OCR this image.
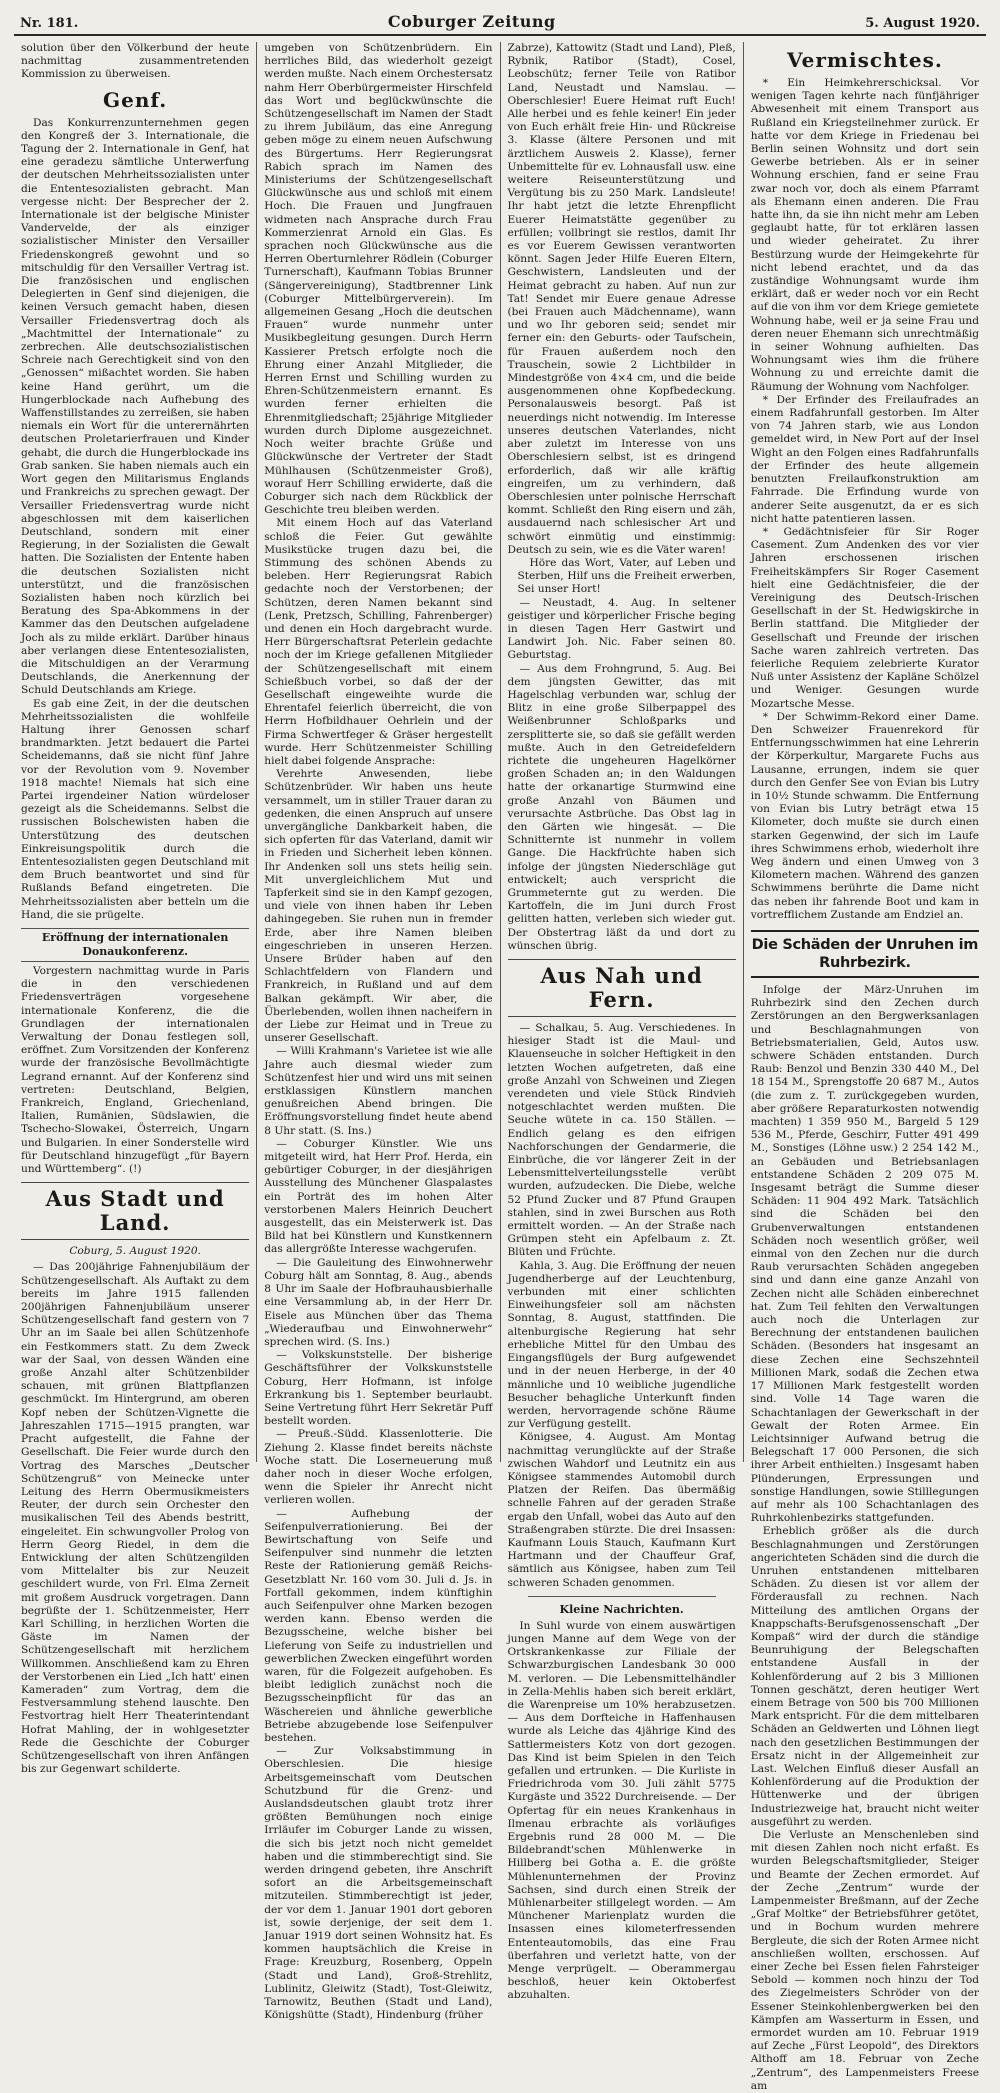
Nr. 181.	Coburger Zeitung	5. August 1920.

solution über den Völkerbund der heute nachmittag zusammentretenden Kommission zu überweisen.

Genf.

Das Konkurrenzunternehmen gegen den Kongreß der 3. Internationale, die Tagung der 2. Internationale in Genf, hat eine geradezu sämtliche Unterwerfung der deutschen Mehrheitssozialisten unter die Ententesozialisten gebracht. Man vergesse nicht: Der Besprecher der 2. Internationale ist der belgische Minister Vandervelde, der als einziger sozialistischer Minister den Versailler Friedenskongreß gewohnt und so mitschuldig für den Versailler Vertrag ist. Die französischen und englischen Delegierten in Genf sind diejenigen, die keinen Versuch gemacht haben, diesen Versailler Friedensvertrag doch als „Machtmittel der Internationale“ zu zerbrechen. Alle deutschsozialistischen Schreie nach Gerechtigkeit sind von den „Genossen“ mißachtet worden. Sie haben keine Hand gerührt, um die Hungerblockade nach Aufhebung des Waffenstillstandes zu zerreißen, sie haben niemals ein Wort für die unterernährten deutschen Proletarierfrauen und Kinder gehabt, die durch die Hungerblockade ins Grab sanken. Sie haben niemals auch ein Wort gegen den Militarismus Englands und Frankreichs zu sprechen gewagt. Der Versailler Friedensvertrag wurde nicht abgeschlossen mit dem kaiserlichen Deutschland, sondern mit einer Regierung, in der Sozialisten die Gewalt hatten. Die Sozialisten der Entente haben die deutschen Sozialisten nicht unterstützt, und die französischen Sozialisten haben noch kürzlich bei Beratung des Spa-Abkommens in der Kammer das den Deutschen aufgeladene Joch als zu milde erklärt. Darüber hinaus aber verlangen diese Ententesozialisten, die Mitschuldigen an der Verarmung Deutschlands, die Anerkennung der Schuld Deutschlands am Kriege.

Es gab eine Zeit, in der die deutschen Mehrheitssozialisten die wohlfeile Haltung ihrer Genossen scharf brandmarkten. Jetzt bedauert die Partei Scheidemanns, daß sie nicht fünf Jahre vor der Revolution vom 9. November 1918 machte! Niemals hat sich eine Partei irgendeiner Nation würdeloser gezeigt als die Scheidemanns. Selbst die russischen Bolschewisten haben die Unterstützung des deutschen Einkreisungspolitik durch die Ententesozialisten gegen Deutschland mit dem Bruch beantwortet und sind für Rußlands Befand eingetreten. Die Mehrheitssozialisten aber betteln um die Hand, die sie prügelte.

Eröffnung der internationalen Donaukonferenz.

Vorgestern nachmittag wurde in Paris die in den verschiedenen Friedensverträgen vorgesehene internationale Konferenz, die die Grundlagen der internationalen Verwaltung der Donau festlegen soll, eröffnet. Zum Vorsitzenden der Konferenz wurde der französische Bevollmächtigte Legrand ernannt. Auf der Konferenz sind vertreten: Deutschland, Belgien, Frankreich, England, Griechenland, Italien, Rumänien, Südslawien, die Tschecho-Slowakei, Österreich, Ungarn und Bulgarien. In einer Sonderstelle wird für Deutschland hinzugefügt „für Bayern und Württemberg“. (!)

Aus Stadt und Land.
Coburg, 5. August 1920.

— Das 200jährige Fahnenjubiläum der Schützengesellschaft. Als Auftakt zu dem bereits im Jahre 1915 fallenden 200jährigen Fahnenjubiläum unserer Schützengesellschaft fand gestern von 7 Uhr an im Saale bei allen Schützenhofe ein Festkommers statt. Zu dem Zweck war der Saal, von dessen Wänden eine große Anzahl alter Schützenbilder schauen, mit grünen Blattpflanzen geschmückt. Im Hintergrund, am oberen Kopf neben der Schützen-Vignette die Jahreszahlen 1715—1915 prangten, war Pracht aufgestellt, die Fahne der Gesellschaft. Die Feier wurde durch den Vortrag des Marsches „Deutscher Schützengruß“ von Meinecke unter Leitung des Herrn Obermusikmeisters Reuter, der durch sein Orchester den musikalischen Teil des Abends bestritt, eingeleitet. Ein schwungvoller Prolog von Herrn Georg Riedel, in dem die Entwicklung der alten Schützengilden vom Mittelalter bis zur Neuzeit geschildert wurde, von Frl. Elma Zerneit mit großem Ausdruck vorgetragen. Dann begrüßte der 1. Schützenmeister, Herr Karl Schilling, in herzlichen Worten die Gäste im Namen der Schützengesellschaft mit herzlichem Willkommen. Anschließend kam zu Ehren der Verstorbenen ein Lied „Ich hatt' einen Kameraden“ zum Vortrag, dem die Festversammlung stehend lauschte. Den Festvortrag hielt Herr Theaterintendant Hofrat Mahling, der in wohlgesetzter Rede die Geschichte der Coburger Schützengesellschaft von ihren Anfängen bis zur Gegenwart schilderte.

umgeben von Schützenbrüdern. Ein herrliches Bild, das wiederholt gezeigt werden mußte. Nach einem Orchestersatz nahm Herr Oberbürgermeister Hirschfeld das Wort und beglückwünschte die Schützengesellschaft im Namen der Stadt zu ihrem Jubiläum, das eine Anregung geben möge zu einem neuen Aufschwung des Bürgertums. Herr Regierungsrat Rabich sprach im Namen des Ministeriums der Schützengesellschaft Glückwünsche aus und schloß mit einem Hoch. Die Frauen und Jungfrauen widmeten nach Ansprache durch Frau Kommerzienrat Arnold ein Glas. Es sprachen noch Glückwünsche aus die Herren Oberturnlehrer Rödlein (Coburger Turnerschaft), Kaufmann Tobias Brunner (Sängervereinigung), Stadtbrenner Link (Coburger Mittelbürgerverein). Im allgemeinen Gesang „Hoch die deutschen Frauen“ wurde nunmehr unter Musikbegleitung gesungen. Durch Herrn Kassierer Pretsch erfolgte noch die Ehrung einer Anzahl Mitglieder, die Herren Ernst und Schilling wurden zu Ehren-Schützenmeistern ernannt. Es wurden ferner erhielten die Ehrenmitgliedschaft; 25jährige Mitglieder wurden durch Diplome ausgezeichnet. Noch weiter brachte Grüße und Glückwünsche der Vertreter der Stadt Mühlhausen (Schützenmeister Groß), worauf Herr Schilling erwiderte, daß die Coburger sich nach dem Rückblick der Geschichte treu bleiben werden.

Mit einem Hoch auf das Vaterland schloß die Feier. Gut gewählte Musikstücke trugen dazu bei, die Stimmung des schönen Abends zu beleben. Herr Regierungsrat Rabich gedachte noch der Verstorbenen; der Schützen, deren Namen bekannt sind (Lenk, Pretzsch, Schilling, Fahrenberger) und denen ein Hoch dargebracht wurde. Herr Bürgerschaftsrat Peterlein gedachte noch der im Kriege gefallenen Mitglieder der Schützengesellschaft mit einem Schießbuch vorbei, so daß der der Gesellschaft eingeweihte wurde die Ehrentafel feierlich überreicht, die von Herrn Hofbildhauer Oehrlein und der Firma Schwertfeger & Gräser hergestellt wurde. Herr Schützenmeister Schilling hielt dabei folgende Ansprache:

Verehrte Anwesenden, liebe Schützenbrüder. Wir haben uns heute versammelt, um in stiller Trauer daran zu gedenken, die einen Anspruch auf unsere unvergängliche Dankbarkeit haben, die sich opferten für das Vaterland, damit wir in Frieden und Sicherheit leben können. Ihr Andenken soll uns stets heilig sein. Mit unvergleichlichem Mut und Tapferkeit sind sie in den Kampf gezogen, und viele von ihnen haben ihr Leben dahingegeben. Sie ruhen nun in fremder Erde, aber ihre Namen bleiben eingeschrieben in unseren Herzen. Unsere Brüder haben auf den Schlachtfeldern von Flandern und Frankreich, in Rußland und auf dem Balkan gekämpft. Wir aber, die Überlebenden, wollen ihnen nacheifern in der Liebe zur Heimat und in Treue zu unserer Gesellschaft.

— Willi Krahmann's Varietee ist wie alle Jahre auch diesmal wieder zum Schützenfest hier und wird uns mit seinen erstklassigen Künstlern manchen genußreichen Abend bringen. Die Eröffnungsvorstellung findet heute abend 8 Uhr statt. (S. Ins.)

— Coburger Künstler. Wie uns mitgeteilt wird, hat Herr Prof. Herda, ein gebürtiger Coburger, in der diesjährigen Ausstellung des Münchener Glaspalastes ein Porträt des im hohen Alter verstorbenen Malers Heinrich Deuchert ausgestellt, das ein Meisterwerk ist. Das Bild hat bei Künstlern und Kunstkennern das allergrößte Interesse wachgerufen.

— Die Gauleitung des Einwohnerwehr Coburg hält am Sonntag, 8. Aug., abends 8 Uhr im Saale der Hofbrauhausbierhalle eine Versammlung ab, in der Herr Dr. Eisele aus München über das Thema „Wiederaufbau und Einwohnerwehr“ sprechen wird. (S. Ins.)

— Volkskunststelle. Der bisherige Geschäftsführer der Volkskunststelle Coburg, Herr Hofmann, ist infolge Erkrankung bis 1. September beurlaubt. Seine Vertretung führt Herr Sekretär Puff bestellt worden.

— Preuß.-Südd. Klassenlotterie. Die Ziehung 2. Klasse findet bereits nächste Woche statt. Die Loserneuerung muß daher noch in dieser Woche erfolgen, wenn die Spieler ihr Anrecht nicht verlieren wollen.

— Aufhebung der Seifenpulverrationierung. Bei der Bewirtschaftung von Seife und Seifenpulver sind nunmehr die letzten Reste der Rationierung gemäß Reichs-Gesetzblatt Nr. 160 vom 30. Juli d. Js. in Fortfall gekommen, indem künftighin auch Seifenpulver ohne Marken bezogen werden kann. Ebenso werden die Bezugsscheine, welche bisher bei Lieferung von Seife zu industriellen und gewerblichen Zwecken eingeführt worden waren, für die Folgezeit aufgehoben. Es bleibt lediglich zunächst noch die Bezugsscheinpflicht für das an Wäschereien und ähnliche gewerbliche Betriebe abzugebende lose Seifenpulver bestehen.

— Zur Volksabstimmung in Oberschlesien. Die hiesige Arbeitsgemeinschaft vom Deutschen Schutzbund für die Grenz- und Auslandsdeutschen glaubt trotz ihrer größten Bemühungen noch einige Irrläufer im Coburger Lande zu wissen, die sich bis jetzt noch nicht gemeldet haben und die stimmberechtigt sind. Sie werden dringend gebeten, ihre Anschrift sofort an die Arbeitsgemeinschaft mitzuteilen. Stimmberechtigt ist jeder, der vor dem 1. Januar 1901 dort geboren ist, sowie derjenige, der seit dem 1. Januar 1919 dort seinen Wohnsitz hat. Es kommen hauptsächlich die Kreise in Frage: Kreuzburg, Rosenberg, Oppeln (Stadt und Land), Groß-Strehlitz, Lublinitz, Gleiwitz (Stadt), Tost-Gleiwitz, Tarnowitz, Beuthen (Stadt und Land), Königshütte (Stadt), Hindenburg (früher

Zabrze), Kattowitz (Stadt und Land), Pleß, Rybnik, Ratibor (Stadt), Cosel, Leobschütz; ferner Teile von Ratibor Land, Neustadt und Namslau. — Oberschlesier! Euere Heimat ruft Euch! Alle herbei und es fehle keiner! Ein jeder von Euch erhält freie Hin- und Rückreise 3. Klasse (ältere Personen und mit ärztlichem Ausweis 2. Klasse), ferner Unbemittelte für ev. Lohnausfall usw. eine weitere Reiseunterstützung und Vergütung bis zu 250 Mark. Landsleute! Ihr habt jetzt die letzte Ehrenpflicht Euerer Heimatstätte gegenüber zu erfüllen; vollbringt sie restlos, damit Ihr es vor Euerem Gewissen verantworten könnt. Sagen Jeder Hilfe Eueren Eltern, Geschwistern, Landsleuten und der Heimat gebracht zu haben. Auf nun zur Tat! Sendet mir Euere genaue Adresse (bei Frauen auch Mädchenname), wann und wo Ihr geboren seid; sendet mir ferner ein: den Geburts- oder Taufschein, für Frauen außerdem noch den Trauschein, sowie 2 Lichtbilder in Mindestgröße von 4×4 cm, und die beide ausgenommenen ohne Kopfbedeckung. Personalausweis besorgt. Paß ist neuerdings nicht notwendig. Im Interesse unseres deutschen Vaterlandes, nicht aber zuletzt im Interesse von uns Oberschlesiern selbst, ist es dringend erforderlich, daß wir alle kräftig eingreifen, um zu verhindern, daß Oberschlesien unter polnische Herrschaft kommt. Schließt den Ring eisern und zäh, ausdauernd nach schlesischer Art und schwört einmütig und einstimmig: Deutsch zu sein, wie es die Väter waren!

Höre das Wort, Vater, auf Leben und Sterben, Hilf uns die Freiheit erwerben, Sei unser Hort!

— Neustadt, 4. Aug. In seltener geistiger und körperlicher Frische beging in diesen Tagen Herr Gastwirt und Landwirt Joh. Nic. Faber seinen 80. Geburtstag.

— Aus dem Frohngrund, 5. Aug. Bei dem jüngsten Gewitter, das mit Hagelschlag verbunden war, schlug der Blitz in eine große Silberpappel des Weißenbrunner Schloßparks und zersplitterte sie, so daß sie gefällt werden mußte. Auch in den Getreidefeldern richtete die ungeheuren Hagelkörner großen Schaden an; in den Waldungen hatte der orkanartige Sturmwind eine große Anzahl von Bäumen und verursachte Astbrüche. Das Obst lag in den Gärten wie hingesät. — Die Schnitternte ist nunmehr in vollem Gange. Die Hackfrüchte haben sich infolge der jüngsten Niederschläge gut entwickelt; auch verspricht die Grummeternte gut zu werden. Die Kartoffeln, die im Juni durch Frost gelitten hatten, verleben sich wieder gut. Der Obstertrag läßt da und dort zu wünschen übrig.

Aus Nah und Fern.

— Schalkau, 5. Aug. Verschiedenes. In hiesiger Stadt ist die Maul- und Klauenseuche in solcher Heftigkeit in den letzten Wochen aufgetreten, daß eine große Anzahl von Schweinen und Ziegen verendeten und viele Stück Rindvieh notgeschlachtet werden mußten. Die Seuche wütete in ca. 150 Ställen. — Endlich gelang es den eifrigen Nachforschungen der Gendarmerie, die Einbrüche, die vor längerer Zeit in der Lebensmittelverteilungsstelle verübt wurden, aufzudecken. Die Diebe, welche 52 Pfund Zucker und 87 Pfund Graupen stahlen, sind in zwei Burschen aus Roth ermittelt worden. — An der Straße nach Grümpen steht ein Apfelbaum z. Zt. Blüten und Früchte.

Kahla, 3. Aug. Die Eröffnung der neuen Jugendherberge auf der Leuchtenburg, verbunden mit einer schlichten Einweihungsfeier soll am nächsten Sonntag, 8. August, stattfinden. Die altenburgische Regierung hat sehr erhebliche Mittel für den Umbau des Eingangsflügels der Burg aufgewendet und in der neuen Herberge, in der 40 männliche und 10 weibliche jugendliche Besucher behagliche Unterkunft finden werden, hervorragende schöne Räume zur Verfügung gestellt.

Königsee, 4. August. Am Montag nachmittag verunglückte auf der Straße zwischen Wahdorf und Leutnitz ein aus Königsee stammendes Automobil durch Platzen der Reifen. Das übermäßig schnelle Fahren auf der geraden Straße ergab den Unfall, wobei das Auto auf den Straßengraben stürzte. Die drei Insassen: Kaufmann Louis Stauch, Kaufmann Kurt Hartmann und der Chauffeur Graf, sämtlich aus Königsee, haben zum Teil schweren Schaden genommen.

Kleine Nachrichten.

In Suhl wurde von einem auswärtigen jungen Manne auf dem Wege von der Ortskrankenkasse zur Filiale der Schwarzburgischen Landesbank 30 000 M. verloren. — Die Lebensmittelhändler in Zella-Mehlis haben sich bereit erklärt, die Warenpreise um 10% herabzusetzen. — Aus dem Dorfteiche in Haffenhausen wurde als Leiche das 4jährige Kind des Sattlermeisters Kotz von dort gezogen. Das Kind ist beim Spielen in den Teich gefallen und ertrunken. — Die Kurliste in Friedrichroda vom 30. Juli zählt 5775 Kurgäste und 3522 Durchreisende. — Der Opfertag für ein neues Krankenhaus in Ilmenau erbrachte als vorläufiges Ergebnis rund 28 000 M. — Die Bildebrandt'schen Mühlenwerke in Hillberg bei Gotha a. E. die größte Mühlenunternehmen der Provinz Sachsen, sind durch einen Streik der Mühlenarbeiter stillgelegt worden. — Am Münchener Marienplatz wurden die Insassen eines kilometerfressenden Ententeautomobils, das eine Frau überfahren und verletzt hatte, von der Menge verprügelt. — Oberammergau beschloß, heuer kein Oktoberfest abzuhalten.

Vermischtes.

* Ein Heimkehrerschicksal. Vor wenigen Tagen kehrte nach fünfjähriger Abwesenheit mit einem Transport aus Rußland ein Kriegsteilnehmer zurück. Er hatte vor dem Kriege in Friedenau bei Berlin seinen Wohnsitz und dort sein Gewerbe betrieben. Als er in seiner Wohnung erschien, fand er seine Frau zwar noch vor, doch als einem Pfarramt als Ehemann einen anderen. Die Frau hatte ihn, da sie ihn nicht mehr am Leben geglaubt hatte, für tot erklären lassen und wieder geheiratet. Zu ihrer Bestürzung wurde der Heimgekehrte für nicht lebend erachtet, und da das zuständige Wohnungsamt wurde ihm erklärt, daß er weder noch vor ein Recht auf die von ihm vor dem Kriege gemietete Wohnung habe, weil er ja seine Frau und deren neuer Ehemann sich unrechtmäßig in seiner Wohnung aufhielten. Das Wohnungsamt wies ihm die frühere Wohnung zu und erreichte damit die Räumung der Wohnung vom Nachfolger.

* Der Erfinder des Freilaufrades an einem Radfahrunfall gestorben. Im Alter von 74 Jahren starb, wie aus London gemeldet wird, in New Port auf der Insel Wight an den Folgen eines Radfahrunfalls der Erfinder des heute allgemein benutzten Freilaufkonstruktion am Fahrrade. Die Erfindung wurde von anderer Seite ausgenutzt, da er es sich nicht hatte patentieren lassen.

* Gedächtnisfeier für Sir Roger Casement. Zum Andenken des vor vier Jahren erschossenen irischen Freiheitskämpfers Sir Roger Casement hielt eine Gedächtnisfeier, die der Vereinigung des Deutsch-Irischen Gesellschaft in der St. Hedwigskirche in Berlin stattfand. Die Mitglieder der Gesellschaft und Freunde der irischen Sache waren zahlreich vertreten. Das feierliche Requiem zelebrierte Kurator Nuß unter Assistenz der Kapläne Schölzel und Weniger. Gesungen wurde Mozartsche Messe.

* Der Schwimm-Rekord einer Dame. Den Schweizer Frauenrekord für Entfernungsschwimmen hat eine Lehrerin der Körperkultur, Margarete Fuchs aus Lausanne, errungen, indem sie quer durch den Genfer See von Evian bis Lutry in 10½ Stunde schwamm. Die Entfernung von Evian bis Lutry beträgt etwa 15 Kilometer, doch mußte sie durch einen starken Gegenwind, der sich im Laufe ihres Schwimmens erhob, wiederholt ihre Weg ändern und einen Umweg von 3 Kilometern machen. Während des ganzen Schwimmens berührte die Dame nicht das neben ihr fahrende Boot und kam in vortrefflichem Zustande am Endziel an.

Die Schäden der Unruhen im Ruhrbezirk.

Infolge der März-Unruhen im Ruhrbezirk sind den Zechen durch Zerstörungen an den Bergwerksanlagen und Beschlagnahmungen von Betriebsmaterialien, Geld, Autos usw. schwere Schäden entstanden. Durch Raub: Benzol und Benzin 330 440 M., Del 18 154 M., Sprengstoffe 20 687 M., Autos (die zum z. T. zurückgegeben wurden, aber größere Reparaturkosten notwendig machten) 1 359 950 M., Bargeld 5 129 536 M., Pferde, Geschirr, Futter 491 499 M., Sonstiges (Löhne usw.) 2 254 142 M., an Gebäuden und Betriebsanlagen entstandene Schäden 2 209 075 M. Insgesamt beträgt die Summe dieser Schäden: 11 904 492 Mark. Tatsächlich sind die Schäden bei den Grubenverwaltungen entstandenen Schäden noch wesentlich größer, weil einmal von den Zechen nur die durch Raub verursachten Schäden angegeben sind und dann eine ganze Anzahl von Zechen nicht alle Schäden einberechnet hat. Zum Teil fehlten den Verwaltungen auch noch die Unterlagen zur Berechnung der entstandenen baulichen Schäden. (Besonders hat insgesamt an diese Zechen eine Sechszehnteil Millionen Mark, sodaß die Zechen etwa 17 Millionen Mark festgestellt worden sind. Volle 14 Tage waren die Schachtanlagen der Gewerkschaft in der Gewalt der Roten Armee. Ein Leichtsinniger Aufwand betrug die Belegschaft 17 000 Personen, die sich ihrer Arbeit enthielten.) Insgesamt haben Plünderungen, Erpressungen und sonstige Handlungen, sowie Stilllegungen auf mehr als 100 Schachtanlagen des Ruhrkohlenbezirks stattgefunden.

Erheblich größer als die durch Beschlagnahmungen und Zerstörungen angerichteten Schäden sind die durch die Unruhen entstandenen mittelbaren Schäden. Zu diesen ist vor allem der Förderausfall zu rechnen. Nach Mitteilung des amtlichen Organs der Knappschafts-Berufsgenossenschaft „Der Kompaß“ wird der durch die ständige Beunruhigung der Belegschaften entstandene Ausfall in der Kohlenförderung auf 2 bis 3 Millionen Tonnen geschätzt, deren heutiger Wert einem Betrage von 500 bis 700 Millionen Mark entspricht. Für die dem mittelbaren Schäden an Geldwerten und Löhnen liegt nach den gesetzlichen Bestimmungen der Ersatz nicht in der Allgemeinheit zur Last. Welchen Einfluß dieser Ausfall an Kohlenförderung auf die Produktion der Hüttenwerke und der übrigen Industriezweige hat, braucht nicht weiter ausgeführt zu werden.

Die Verluste an Menschenleben sind mit diesen Zahlen noch nicht erfaßt. Es wurden Belegschaftsmitglieder, Steiger und Beamte der Zechen ermordet. Auf der Zeche „Zentrum“ wurde der Lampenmeister Breßmann, auf der Zeche „Graf Moltke“ der Betriebsführer getötet, und in Bochum wurden mehrere Bergleute, die sich der Roten Armee nicht anschließen wollten, erschossen. Auf einer Zeche bei Essen fielen Fahrsteiger Sebold — kommen noch hinzu der Tod des Ziegelmeisters Schröder von der Essener Steinkohlenbergwerken bei den Kämpfen am Wasserturm in Essen, und ermordet wurden am 10. Februar 1919 auf Zeche „Fürst Leopold“, des Direktors Althoff am 18. Februar von Zeche „Zentrum“, des Lampenmeisters Freese am
